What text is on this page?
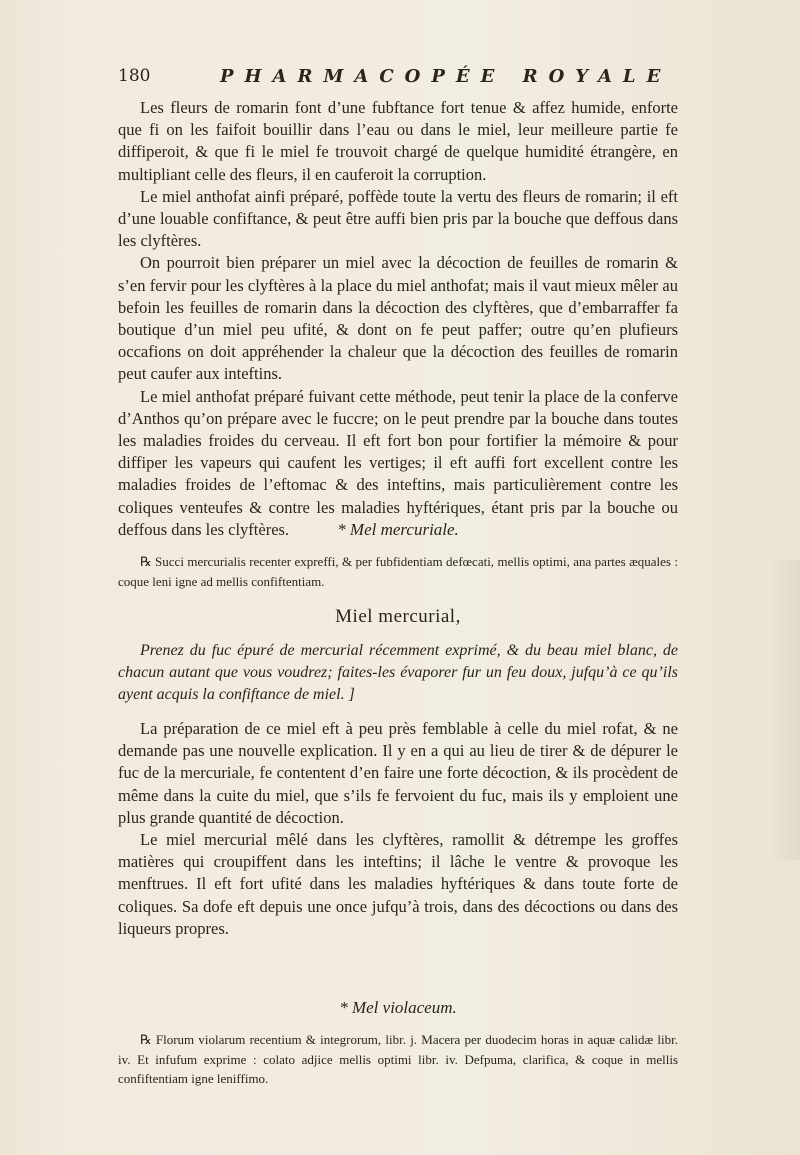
180	PHARMACOPÉE ROYALE

Les fleurs de romarin font d’une fubftance fort tenue & affez humide, enforte que fi on les faifoit bouillir dans l’eau ou dans le miel, leur meilleure partie fe diffiperoit, & que fi le miel fe trouvoit chargé de quelque humidité étrangère, en multipliant celle des fleurs, il en cauferoit la corruption.

Le miel anthofat ainfi préparé, poffède toute la vertu des fleurs de romarin; il eft d’une louable confiftance, & peut être auffi bien pris par la bouche que deffous dans les clyftères.

On pourroit bien préparer un miel avec la décoction de feuilles de romarin & s’en fervir pour les clyftères à la place du miel anthofat; mais il vaut mieux mêler au befoin les feuilles de romarin dans la décoction des clyftères, que d’embarraffer fa boutique d’un miel peu ufité, & dont on fe peut paffer; outre qu’en plufieurs occafions on doit appréhender la chaleur que la décoction des feuilles de romarin peut caufer aux inteftins.

Le miel anthofat préparé fuivant cette méthode, peut tenir la place de la conferve d’Anthos qu’on prépare avec le fuccre; on le peut prendre par la bouche dans toutes les maladies froides du cerveau. Il eft fort bon pour fortifier la mémoire & pour diffiper les vapeurs qui caufent les vertiges; il eft auffi fort excellent contre les maladies froides de l’eftomac & des inteftins, mais particulièrement contre les coliques venteufes & contre les maladies hyftériques, étant pris par la bouche ou deffous dans les clyftères.	* Mel mercuriale.

℞ Succi mercurialis recenter expreffi, & per fubfidentiam defœcati, mellis optimi, ana partes æquales : coque leni igne ad mellis confiftentiam.

Miel mercurial,

Prenez du fuc épuré de mercurial récemment exprimé, & du beau miel blanc, de chacun autant que vous voudrez; faites-les évaporer fur un feu doux, jufqu’à ce qu’ils ayent acquis la confiftance de miel. ]

La préparation de ce miel eft à peu près femblable à celle du miel rofat, & ne demande pas une nouvelle explication. Il y en a qui au lieu de tirer & de dépurer le fuc de la mercuriale, fe contentent d’en faire une forte décoction, & ils procèdent de même dans la cuite du miel, que s’ils fe fervoient du fuc, mais ils y emploient une plus grande quantité de décoction.

Le miel mercurial mêlé dans les clyftères, ramollit & détrempe les groffes matières qui croupiffent dans les inteftins; il lâche le ventre & provoque les menftrues. Il eft fort ufité dans les maladies hyftériques & dans toute forte de coliques. Sa dofe eft depuis une once jufqu’à trois, dans des décoctions ou dans des liqueurs propres.

* Mel violaceum.

℞ Florum violarum recentium & integrorum, libr. j. Macera per duodecim horas in aquæ calidæ libr. iv. Et infufum exprime : colato adjice mellis optimi libr. iv. Defpuma, clarifica, & coque in mellis confiftentiam igne leniffimo.
